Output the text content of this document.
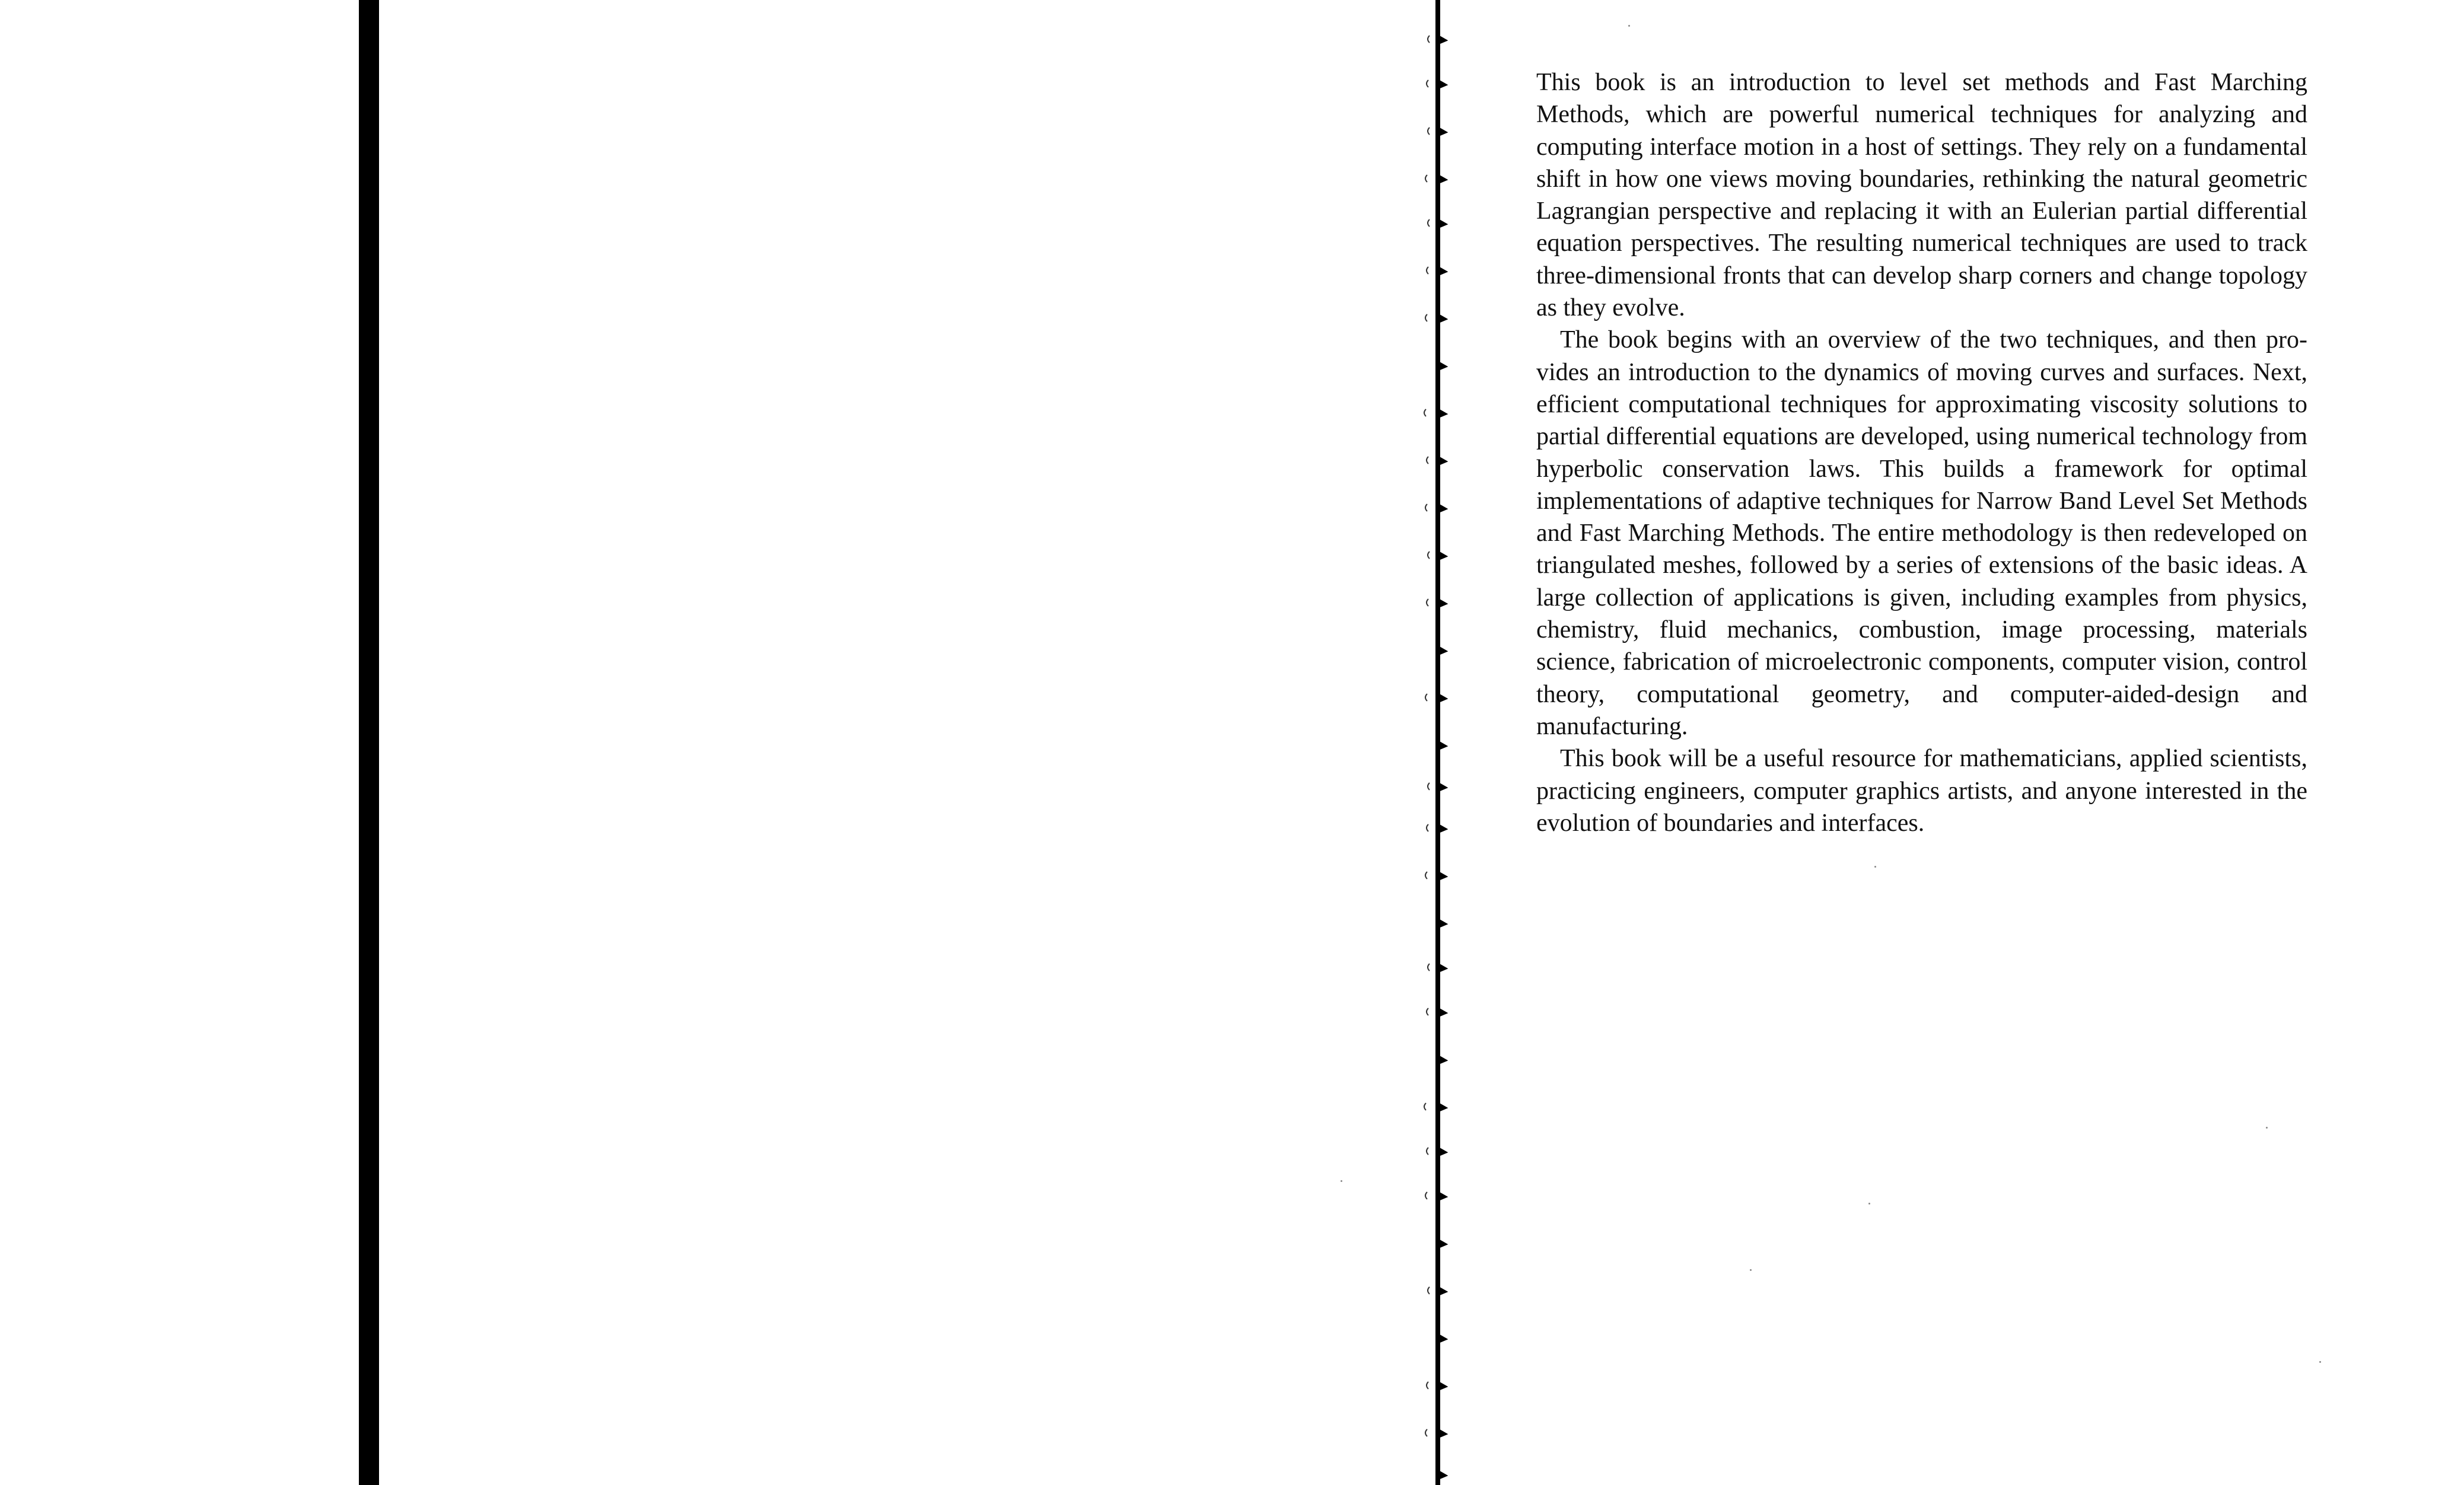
This book is an introduction to level set methods and Fast Marching Methods, which are powerful numerical techniques for analyzing and computing interface motion in a host of settings. They rely on a fundamental shift in how one views moving boundaries, rethinking the natural geometric Lagrangian perspective and replacing it with an Eulerian partial differential equation perspectives. The resulting numerical techniques are used to track three-dimensional fronts that can develop sharp corners and change topology as they evolve.

The book begins with an overview of the two techniques, and then provides an introduction to the dynamics of moving curves and surfaces. Next, efficient computational techniques for approximating viscosity solutions to partial differential equations are developed, using numerical technology from hyperbolic conservation laws. This builds a framework for optimal implementations of adaptive techniques for Narrow Band Level Set Methods and Fast Marching Methods. The entire methodology is then redeveloped on triangulated meshes, followed by a series of extensions of the basic ideas. A large collection of applications is given, including examples from physics, chemistry, fluid mechanics, combustion, image processing, materials science, fabrication of microelectronic components, computer vision, control theory, computational geometry, and computer-aided-design and manufacturing.

This book will be a useful resource for mathematicians, applied scientists, practicing engineers, computer graphics artists, and anyone interested in the evolution of boundaries and interfaces.
